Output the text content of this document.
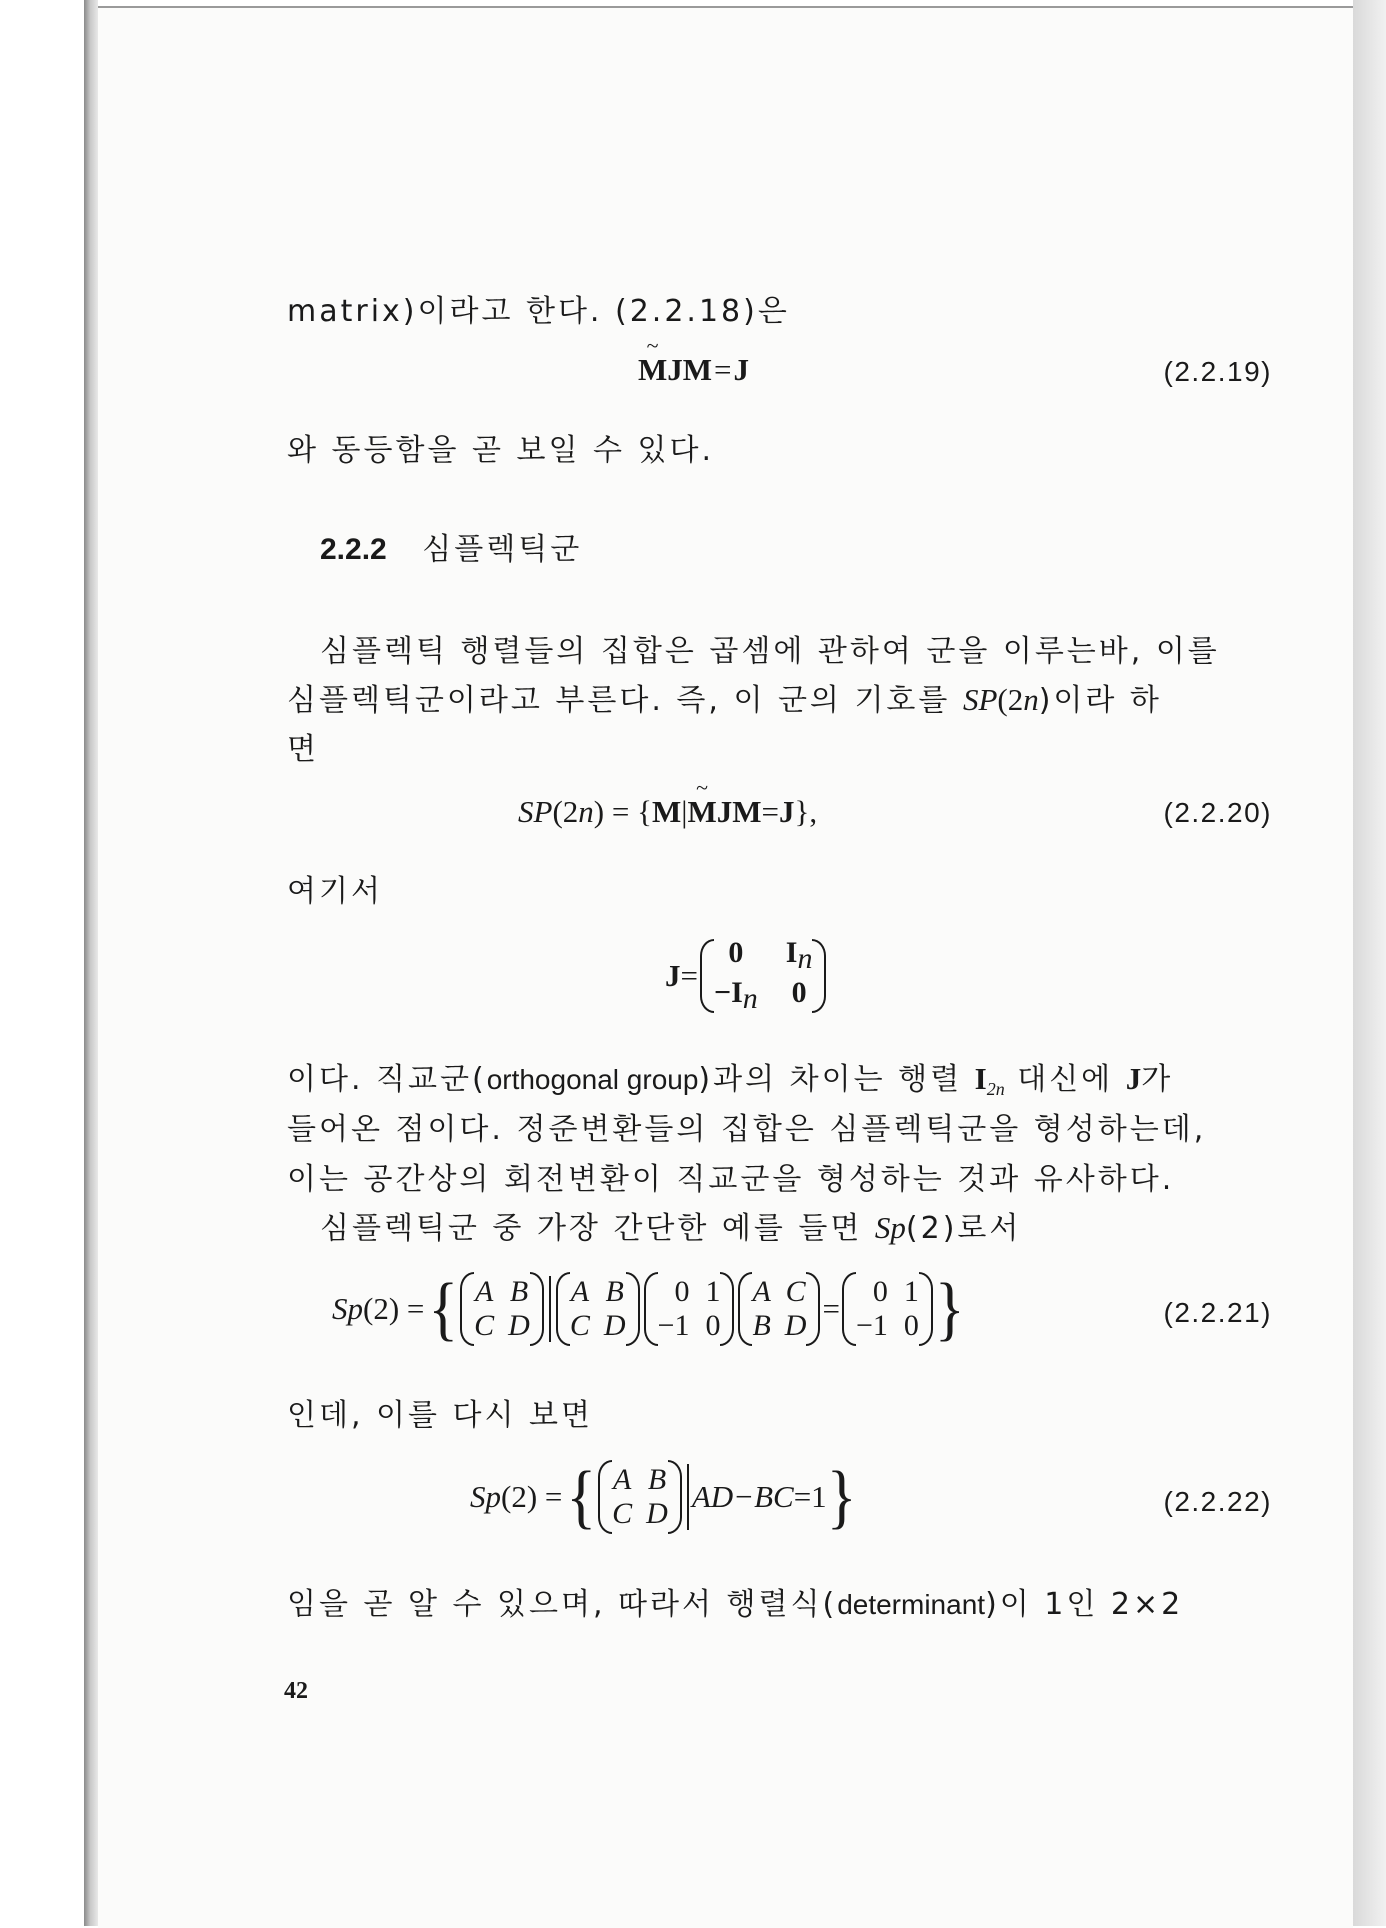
matrix)이라고 한다. (2.2.18)은
~ M JM = J	(2.2.19)
와 동등함을 곧 보일 수 있다.
2.2.2 심플렉틱군
심플렉틱 행렬들의 집합은 곱셈에 관하여 군을 이루는바, 이를
심플렉틱군이라고 부른다. 즉, 이 군의 기호를 SP(2n)이라 하
면
SP (2 n ) = { M |
~ M JM = J },	(2.2.20)
여기서
J =
0	In
−In 0
이다. 직교군(orthogonal group)과의 차이는 행렬 $I_{2n}$ 대신에 J가
들어온 점이다. 정준변환들의 집합은 심플렉틱군을 형성하는데,
이는 공간상의 회전변환이 직교군을 형성하는 것과 유사하다.
심플렉틱군 중 가장 간단한 예를 들면 Sp(2)로서
Sp (2) = { A B
C D
A B
C D
0 1
−1 0
A C
B D =	0 1
−1 0 }	(2.2.21)
인데, 이를 다시 보면
Sp (2) = { A B
C D AD−BC =1 }	(2.2.22)
임을 곧 알 수 있으며, 따라서 행렬식(determinant)이 1인 2×2
42
